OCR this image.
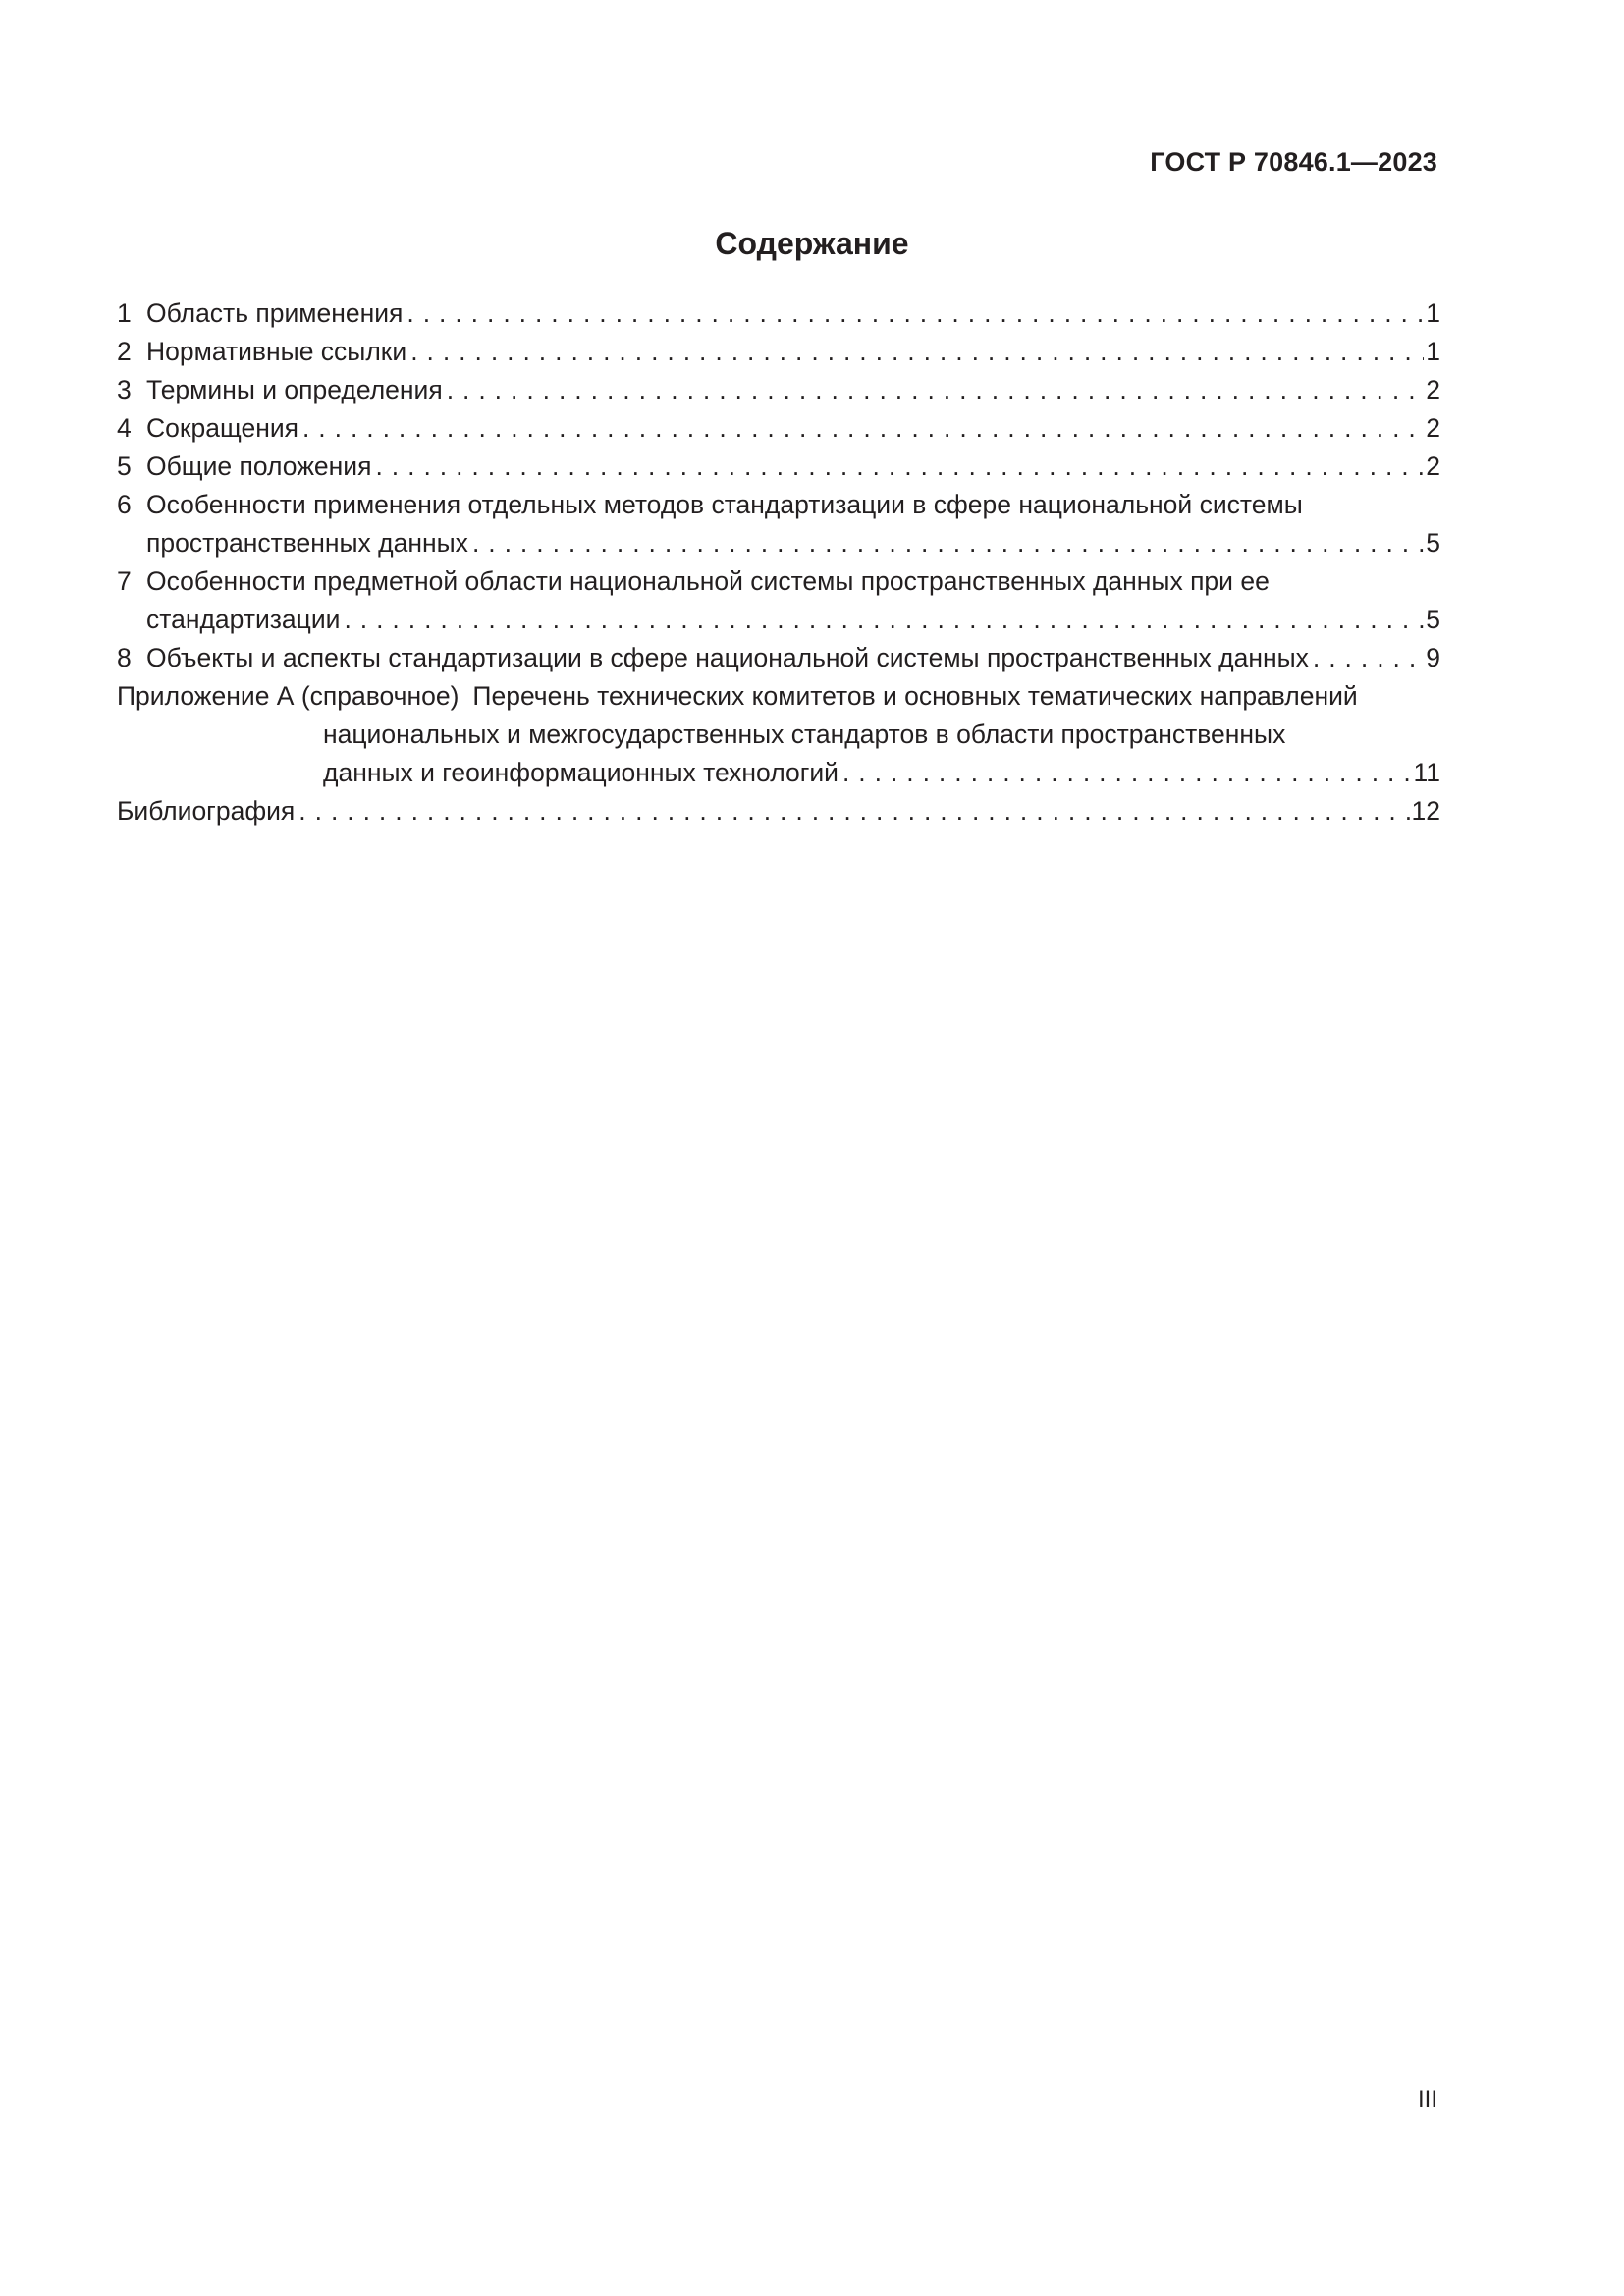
ГОСТ Р 70846.1—2023
Содержание
1 Область применения . . .	1
2 Нормативные ссылки . . .	1
3 Термины и определения . . .	2
4 Сокращения . . .	2
5 Общие положения . . .	2
6 Особенности применения отдельных методов стандартизации в сфере национальной системы
пространственных данных . . .	5
7 Особенности предметной области национальной системы пространственных данных при ее
стандартизации . . .	5
8 Объекты и аспекты стандартизации в сфере национальной системы пространственных данных . . .	9
Приложение А (справочное) Перечень технических комитетов и основных тематических направлений
национальных и межгосударственных стандартов в области пространственных
данных и геоинформационных технологий . . .	11
Библиография . . .	12
III
